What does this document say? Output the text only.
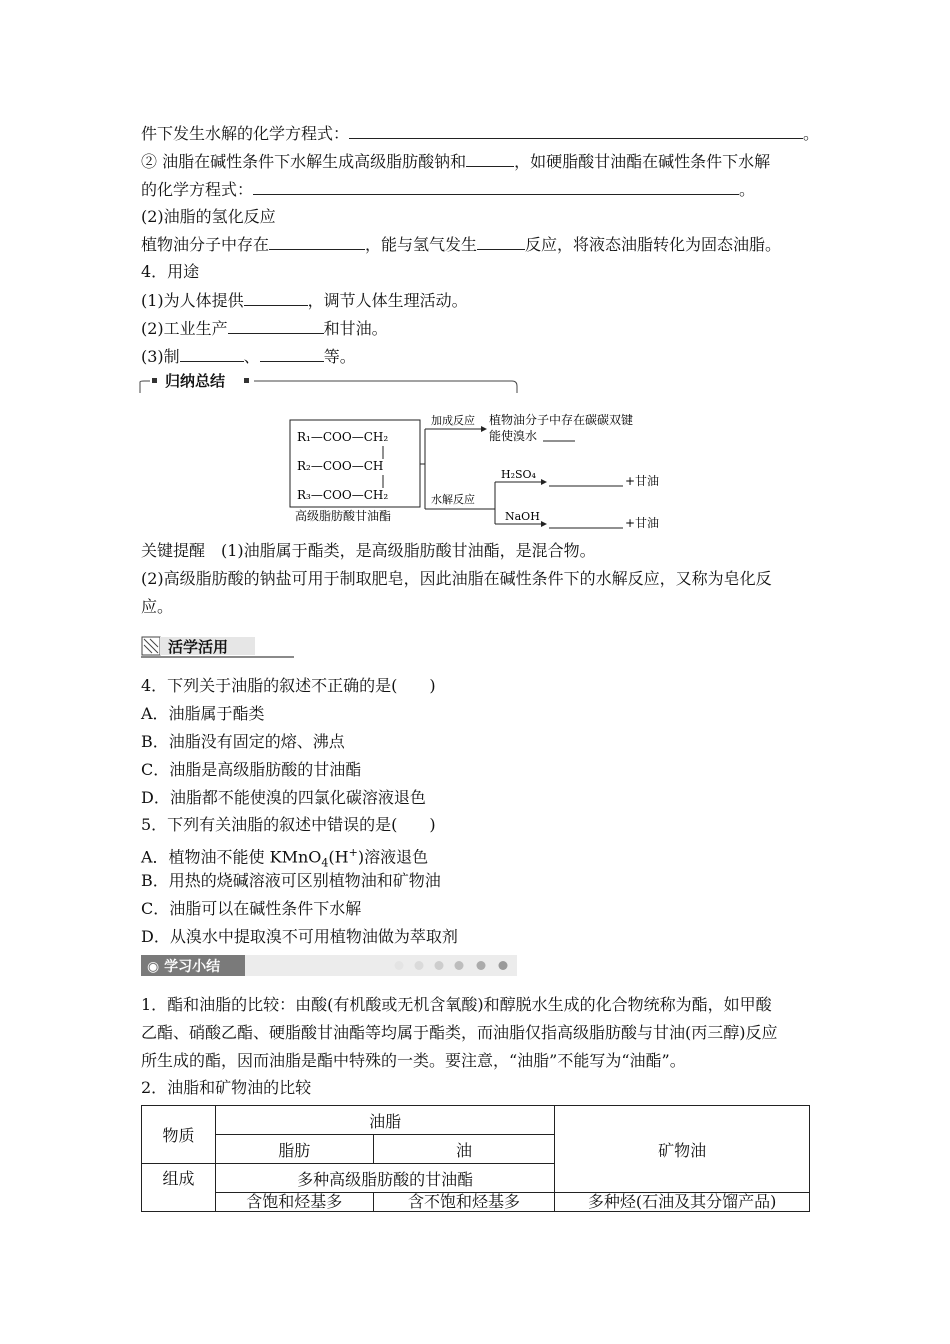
件下发生水解的化学方程式：	。
② 油脂在碱性条件下水解生成高级脂肪酸钠和	，如硬脂酸甘油酯在碱性条件下水解
的化学方程式：	。
(2)油脂的氢化反应
植物油分子中存在	，能与氢气发生	反应，将液态油脂转化为固态油脂。
4．用途
(1)为人体提供	，调节人体生理活动。
(2)工业生产	和甘油。
(3)制	、	等。
归纳总结
R₁—COO—CH₂
R₂—COO—CH
R₃—COO—CH₂
高级脂肪酸甘油酯
加成反应 植物油分子中存在碳碳双键
能使溴水
水解反应
H₂SO₄	+甘油
NaOH	+甘油
关键提醒　(1)油脂属于酯类，是高级脂肪酸甘油酯，是混合物。
(2)高级脂肪酸的钠盐可用于制取肥皂，因此油脂在碱性条件下的水解反应，又称为皂化反
应。
活学活用
4．下列关于油脂的叙述不正确的是(　　)
A．油脂属于酯类
B．油脂没有固定的熔、沸点
C．油脂是高级脂肪酸的甘油酯
D．油脂都不能使溴的四氯化碳溶液退色
5．下列有关油脂的叙述中错误的是(　　)
A．植物油不能使 KMnO$_4$(H+)溶液退色
B．用热的烧碱溶液可区别植物油和矿物油
C．油脂可以在碱性条件下水解
D．从溴水中提取溴不可用植物油做为萃取剂
◉ 学习小结
1．酯和油脂的比较：由酸(有机酸或无机含氧酸)和醇脱水生成的化合物统称为酯，如甲酸
乙酯、硝酸乙酯、硬脂酸甘油酯等均属于酯类，而油脂仅指高级脂肪酸与甘油(丙三醇)反应
所生成的酯，因而油脂是酯中特殊的一类。要注意，“油脂”不能写为“油酯”。
2．油脂和矿物油的比较
物质	油脂		矿物油
	脂肪	油	
组成	多种高级脂肪酸的甘油酯		
	含饱和烃基多	含不饱和烃基多	多种烃(石油及其分馏产品)
